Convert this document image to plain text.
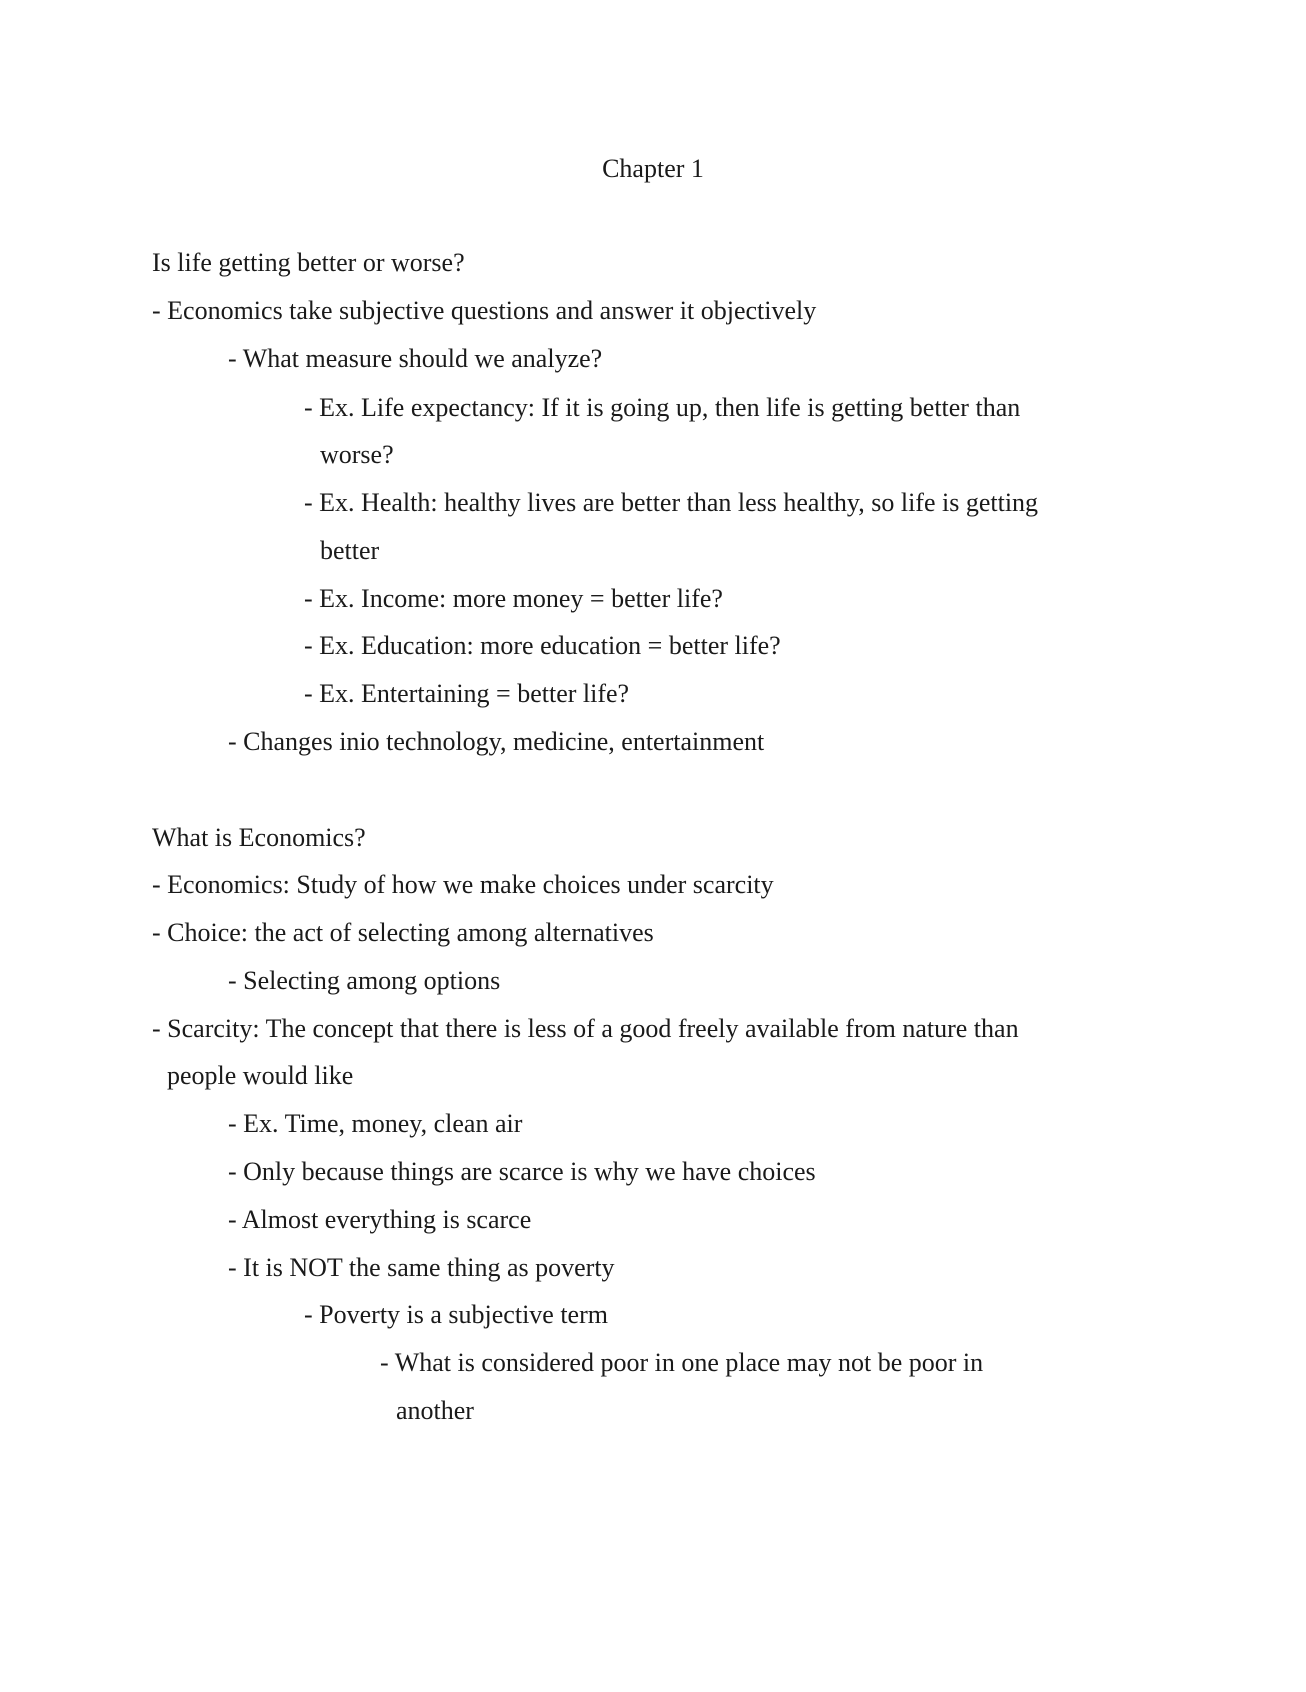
Chapter 1
Is life getting better or worse?
- Economics take subjective questions and answer it objectively
- What measure should we analyze?
- Ex. Life expectancy: If it is going up, then life is getting better than
worse?
- Ex. Health: healthy lives are better than less healthy, so life is getting
better
- Ex. Income: more money = better life?
- Ex. Education: more education = better life?
- Ex. Entertaining = better life?
- Changes inio technology, medicine, entertainment
What is Economics?
- Economics: Study of how we make choices under scarcity
- Choice: the act of selecting among alternatives
- Selecting among options
- Scarcity: The concept that there is less of a good freely available from nature than
people would like
- Ex. Time, money, clean air
- Only because things are scarce is why we have choices
- Almost everything is scarce
- It is NOT the same thing as poverty
- Poverty is a subjective term
- What is considered poor in one place may not be poor in
another
